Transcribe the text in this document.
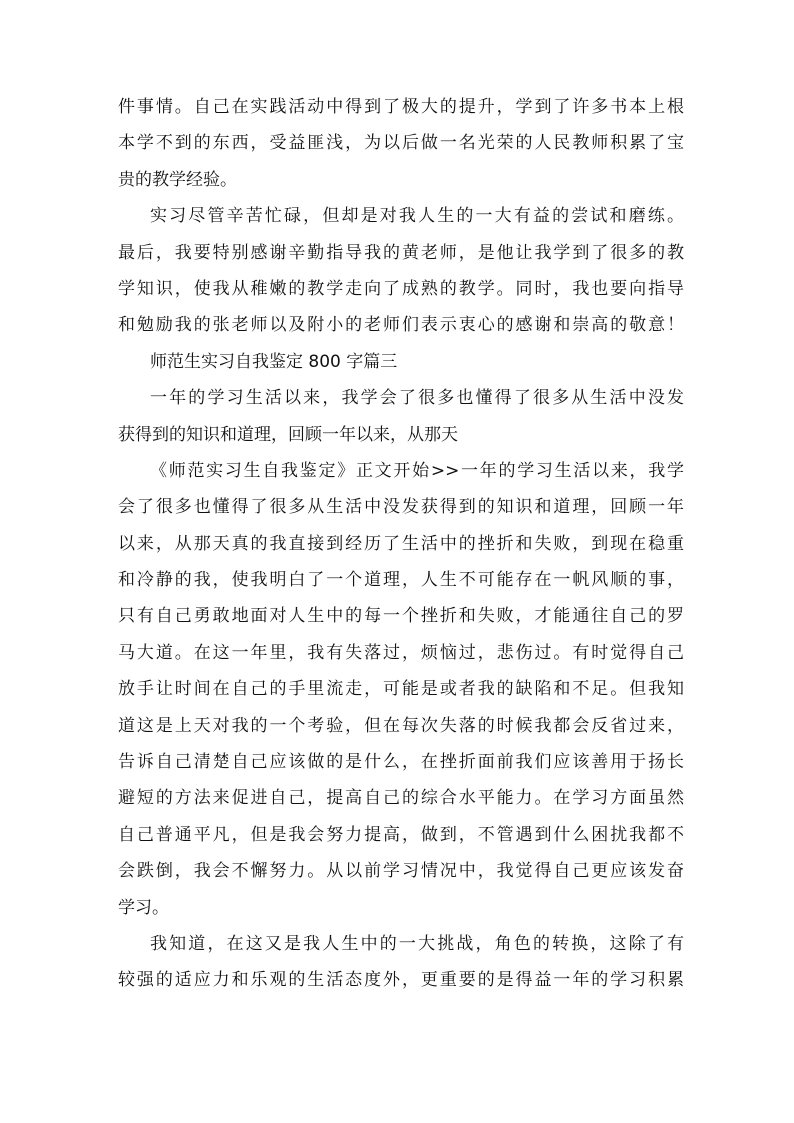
件事情。自己在实践活动中得到了极大的提升，学到了许多书本上根
本学不到的东西，受益匪浅，为以后做一名光荣的人民教师积累了宝
贵的教学经验。
实习尽管辛苦忙碌，但却是对我人生的一大有益的尝试和磨练。
最后，我要特别感谢辛勤指导我的黄老师，是他让我学到了很多的教
学知识，使我从稚嫩的教学走向了成熟的教学。同时，我也要向指导
和勉励我的张老师以及附小的老师们表示衷心的感谢和崇高的敬意！
师范生实习自我鉴定 800 字篇三
一年的学习生活以来，我学会了很多也懂得了很多从生活中没发
获得到的知识和道理，回顾一年以来，从那天
《师范实习生自我鉴定》正文开始>>一年的学习生活以来，我学
会了很多也懂得了很多从生活中没发获得到的知识和道理，回顾一年
以来，从那天真的我直接到经历了生活中的挫折和失败，到现在稳重
和冷静的我，使我明白了一个道理，人生不可能存在一帆风顺的事，
只有自己勇敢地面对人生中的每一个挫折和失败，才能通往自己的罗
马大道。在这一年里，我有失落过，烦恼过，悲伤过。有时觉得自己
放手让时间在自己的手里流走，可能是或者我的缺陷和不足。但我知
道这是上天对我的一个考验，但在每次失落的时候我都会反省过来，
告诉自己清楚自己应该做的是什么，在挫折面前我们应该善用于扬长
避短的方法来促进自己，提高自己的综合水平能力。在学习方面虽然
自己普通平凡，但是我会努力提高，做到，不管遇到什么困扰我都不
会跌倒，我会不懈努力。从以前学习情况中，我觉得自己更应该发奋
学习。
我知道，在这又是我人生中的一大挑战，角色的转换，这除了有
较强的适应力和乐观的生活态度外，更重要的是得益一年的学习积累
